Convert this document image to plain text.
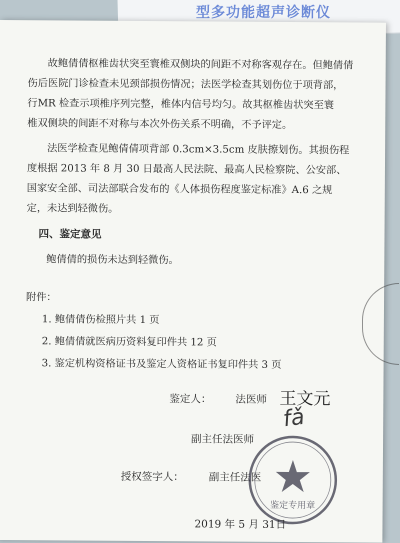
型多功能超声诊断仪
故鲍倩倩枢椎齿状突至寰椎双侧块的间距不对称客观存在。但鲍倩倩
伤后医院门诊检查未见颈部损伤情况；法医学检查其划伤位于项背部，
行MR 检查示项椎序列完整，椎体内信号均匀。故其枢椎齿状突至寰
椎双侧块的间距不对称与本次外伤关系不明确，不予评定。
法医学检查见鲍倩倩项背部 0.3cm×3.5cm 皮肤擦划伤。其损伤程
度根据 2013 年 8 月 30 日最高人民法院、最高人民检察院、公安部、
国家安全部、司法部联合发布的《人体损伤程度鉴定标准》A.6 之规
定，未达到轻微伤。
四、鉴定意见
鲍倩倩的损伤未达到轻微伤。
附件：
1. 鲍倩倩伤检照片共 1 页
2. 鲍倩倩就医病历资料复印件共 12 页
3. 鉴定机构资格证书及鉴定人资格证书复印件共 3 页
鉴定人： 法医师 王文元
副主任法医师
fǎ
授权签字人： 副主任法医
鉴定专用章
2019 年 5 月 31日
